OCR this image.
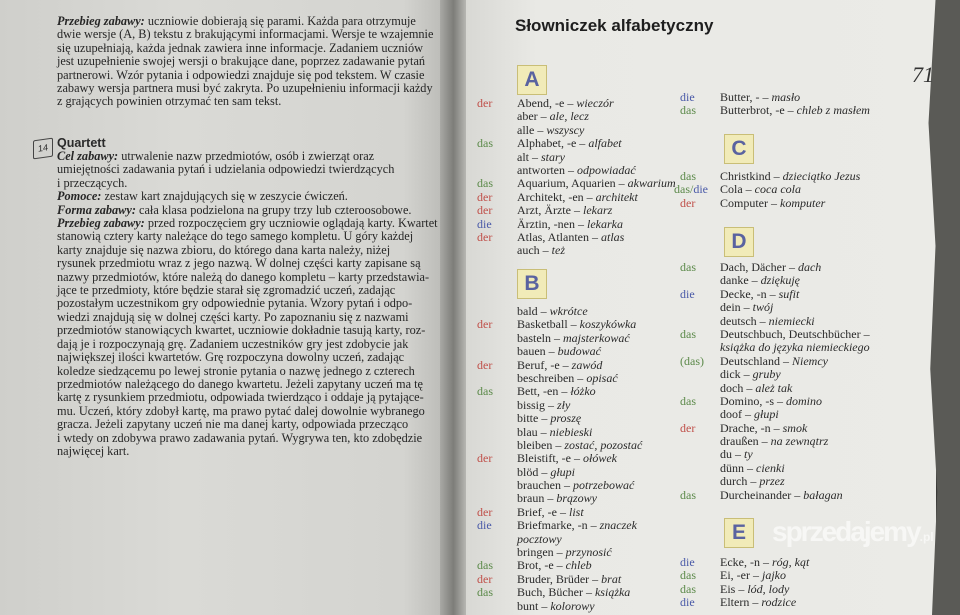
Przebieg zabawy: uczniowie dobierają się parami. Każda para otrzymuje
dwie wersje (A, B) tekstu z brakującymi informacjami. Wersje te wzajemnie
się uzupełniają, każda jednak zawiera inne informacje. Zadaniem uczniów
jest uzupełnienie swojej wersji o brakujące dane, poprzez zadawanie pytań
partnerowi. Wzór pytania i odpowiedzi znajduje się pod tekstem. W czasie
zabawy wersja partnera musi być zakryta. Po uzupełnieniu informacji każdy
z grających powinien otrzymać ten sam tekst.
14 Quartett
Cel zabawy: utrwalenie nazw przedmiotów, osób i zwierząt oraz
umiejętności zadawania pytań i udzielania odpowiedzi twierdzących
i przeczących.
Pomoce: zestaw kart znajdujących się w zeszycie ćwiczeń.
Forma zabawy: cała klasa podzielona na grupy trzy lub czteroosobowe.
Przebieg zabawy: przed rozpoczęciem gry uczniowie oglądają karty. Kwartet
stanowią cztery karty należące do tego samego kompletu. U góry każdej
karty znajduje się nazwa zbioru, do którego dana karta należy, niżej
rysunek przedmiotu wraz z jego nazwą. W dolnej części karty zapisane są
nazwy przedmiotów, które należą do danego kompletu – karty przedstawia-
jące te przedmioty, które będzie starał się zgromadzić uczeń, zadając
pozostałym uczestnikom gry odpowiednie pytania. Wzory pytań i odpo-
wiedzi znajdują się w dolnej części karty. Po zapoznaniu się z nazwami
przedmiotów stanowiących kwartet, uczniowie dokładnie tasują karty, roz-
dają je i rozpoczynają grę. Zadaniem uczestników gry jest zdobycie jak
największej ilości kwartetów. Grę rozpoczyna dowolny uczeń, zadając
koledze siedzącemu po lewej stronie pytania o nazwę jednego z czterech
przedmiotów należącego do danego kwartetu. Jeżeli zapytany uczeń ma tę
kartę z rysunkiem przedmiotu, odpowiada twierdząco i oddaje ją pytające-
mu. Uczeń, który zdobył kartę, ma prawo pytać dalej dowolnie wybranego
gracza. Jeżeli zapytany uczeń nie ma danej karty, odpowiada przecząco
i wtedy on zdobywa prawo zadawania pytań. Wygrywa ten, kto zdobędzie
najwięcej kart.
Słowniczek alfabetyczny
71
A
der Abend, -e – wieczór
aber – ale, lecz
alle – wszyscy
das Alphabet, -e – alfabet
alt – stary
antworten – odpowiadać
das Aquarium, Aquarien – akwarium
der Architekt, -en – architekt
der Arzt, Ärzte – lekarz
die Ärztin, -nen – lekarka
der Atlas, Atlanten – atlas
auch – też
B
bald – wkrótce
der Basketball – koszykówka
basteln – majsterkować
bauen – budować
der Beruf, -e – zawód
beschreiben – opisać
das Bett, -en – łóżko
bissig – zły
bitte – proszę
blau – niebieski
bleiben – zostać, pozostać
der Bleistift, -e – ołówek
blöd – głupi
brauchen – potrzebować
braun – brązowy
der Brief, -e – list
die Briefmarke, -n – znaczek
pocztowy
bringen – przynosić
das Brot, -e – chleb
der Bruder, Brüder – brat
das Buch, Bücher – książka
bunt – kolorowy
die Butter, - – masło
das Butterbrot, -e – chleb z masłem
C
das Christkind – dzieciątko Jezus
das/die Cola – coca cola
der Computer – komputer
D
das Dach, Dächer – dach
danke – dziękuję
die Decke, -n – sufit
dein – twój
deutsch – niemiecki
das Deutschbuch, Deutschbücher –
książka do języka niemieckiego
(das) Deutschland – Niemcy
dick – gruby
doch – ależ tak
das Domino, -s – domino
doof – głupi
der Drache, -n – smok
draußen – na zewnątrz
du – ty
dünn – cienki
durch – przez
das Durcheinander – bałagan
E
die Ecke, -n – róg, kąt
das Ei, -er – jajko
das Eis – lód, lody
die Eltern – rodzice
sprzedajemy.pl
